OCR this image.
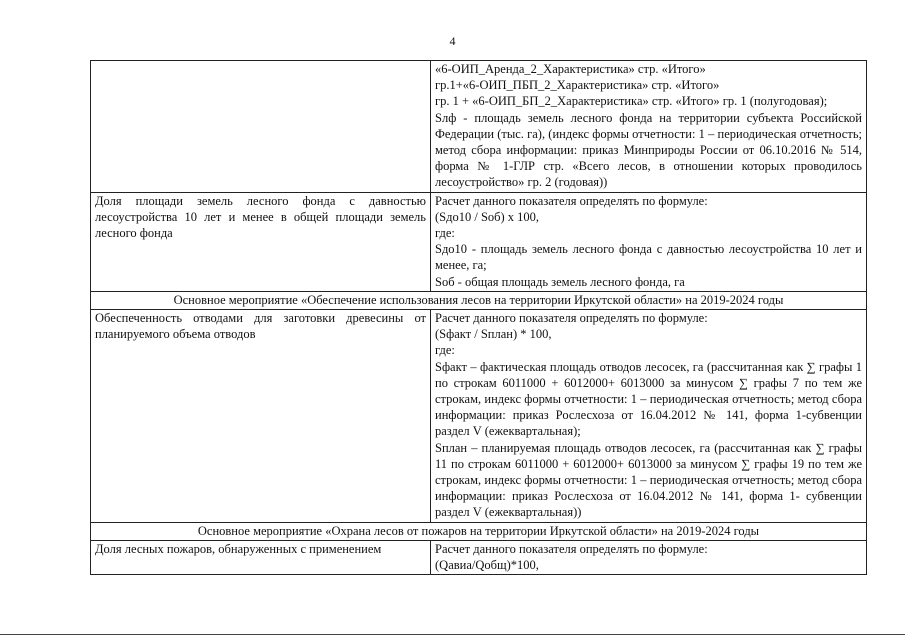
4

	«6-ОИП_Аренда_2_Характеристика» стр. «Итого»
гр.1+«6-ОИП_ПБП_2_Характеристика» стр. «Итого»
гр. 1 + «6-ОИП_БП_2_Характеристика» стр. «Итого» гр. 1 (полугодовая);
Sлф - площадь земель лесного фонда на территории субъекта Российской Федерации (тыс. га), (индекс формы отчетности: 1 – периодическая отчетность; метод сбора информации: приказ Минприроды России от 06.10.2016 № 514, форма № 1-ГЛР стр. «Всего лесов, в отношении которых проводилось лесоустройство» гр. 2 (годовая))

Доля площади земель лесного фонда с давностью лесоустройства 10 лет и менее в общей площади земель лесного фонда	Расчет данного показателя определять по формуле:
(Sдо10 / Sоб) x 100,
где:
Sдо10 - площадь земель лесного фонда с давностью лесоустройства 10 лет и менее, га;
Sоб - общая площадь земель лесного фонда, га

Основное мероприятие «Обеспечение использования лесов на территории Иркутской области» на 2019-2024 годы	
Обеспеченность отводами для заготовки древесины от планируемого объема отводов	Расчет данного показателя определять по формуле:
(Sфакт / Sплан) * 100,
где:
Sфакт – фактическая площадь отводов лесосек, га (рассчитанная как ∑ графы 1 по строкам 6011000 + 6012000+ 6013000 за минусом ∑ графы 7 по тем же строкам, индекс формы отчетности: 1 – периодическая отчетность; метод сбора информации: приказ Рослесхоза от 16.04.2012 № 141, форма 1-субвенции раздел V (ежеквартальная);
Sплан – планируемая площадь отводов лесосек, га (рассчитанная как ∑ графы 11 по строкам 6011000 + 6012000+ 6013000 за минусом ∑ графы 19 по тем же строкам, индекс формы отчетности: 1 – периодическая отчетность; метод сбора информации: приказ Рослесхоза от 16.04.2012 № 141, форма 1- субвенции раздел V (ежеквартальная))

Основное мероприятие «Охрана лесов от пожаров на территории Иркутской области» на 2019-2024 годы	
Доля лесных пожаров, обнаруженных с применением	Расчет данного показателя определять по формуле:
(Qавиа/Qобщ)*100,
